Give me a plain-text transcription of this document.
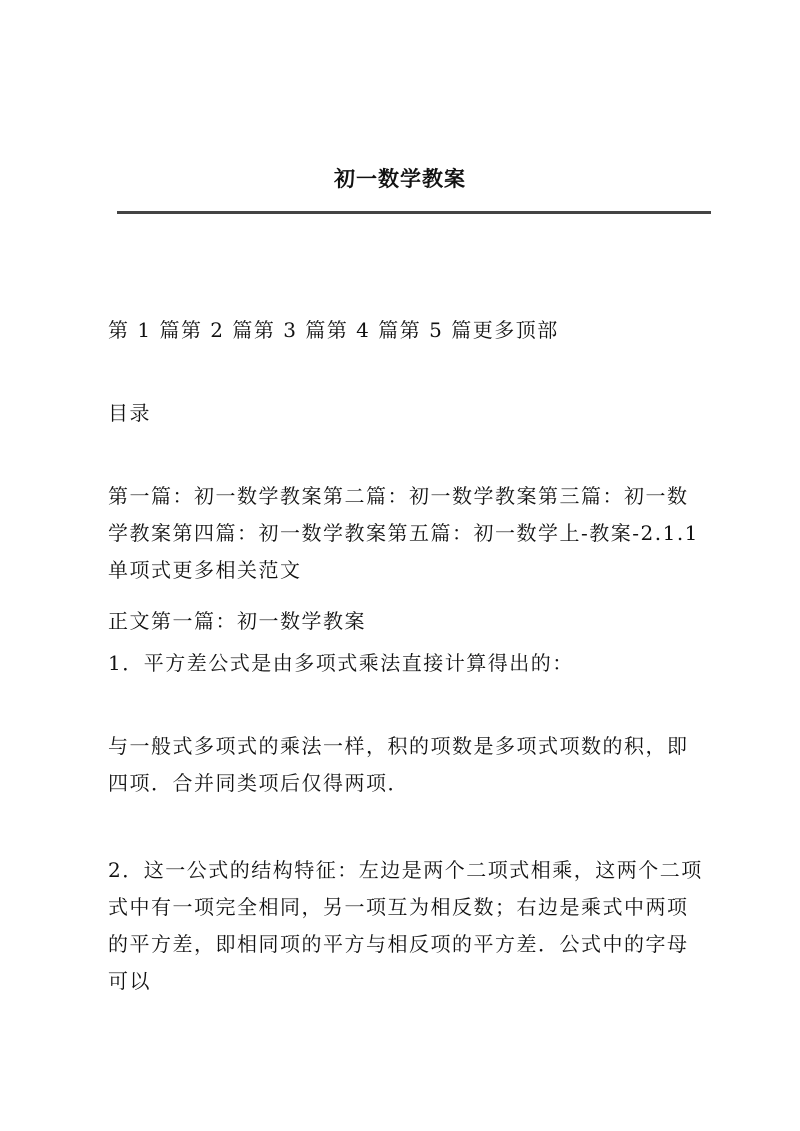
初一数学教案

第 1 篇第 2 篇第 3 篇第 4 篇第 5 篇更多顶部

目录

第一篇：初一数学教案第二篇：初一数学教案第三篇：初一数学教案第四篇：初一数学教案第五篇：初一数学上-教案-2.1.1 单项式更多相关范文

正文第一篇：初一数学教案

1．平方差公式是由多项式乘法直接计算得出的：

与一般式多项式的乘法一样，积的项数是多项式项数的积，即四项．合并同类项后仅得两项．

2．这一公式的结构特征：左边是两个二项式相乘，这两个二项式中有一项完全相同，另一项互为相反数；右边是乘式中两项的平方差，即相同项的平方与相反项的平方差．公式中的字母可以
